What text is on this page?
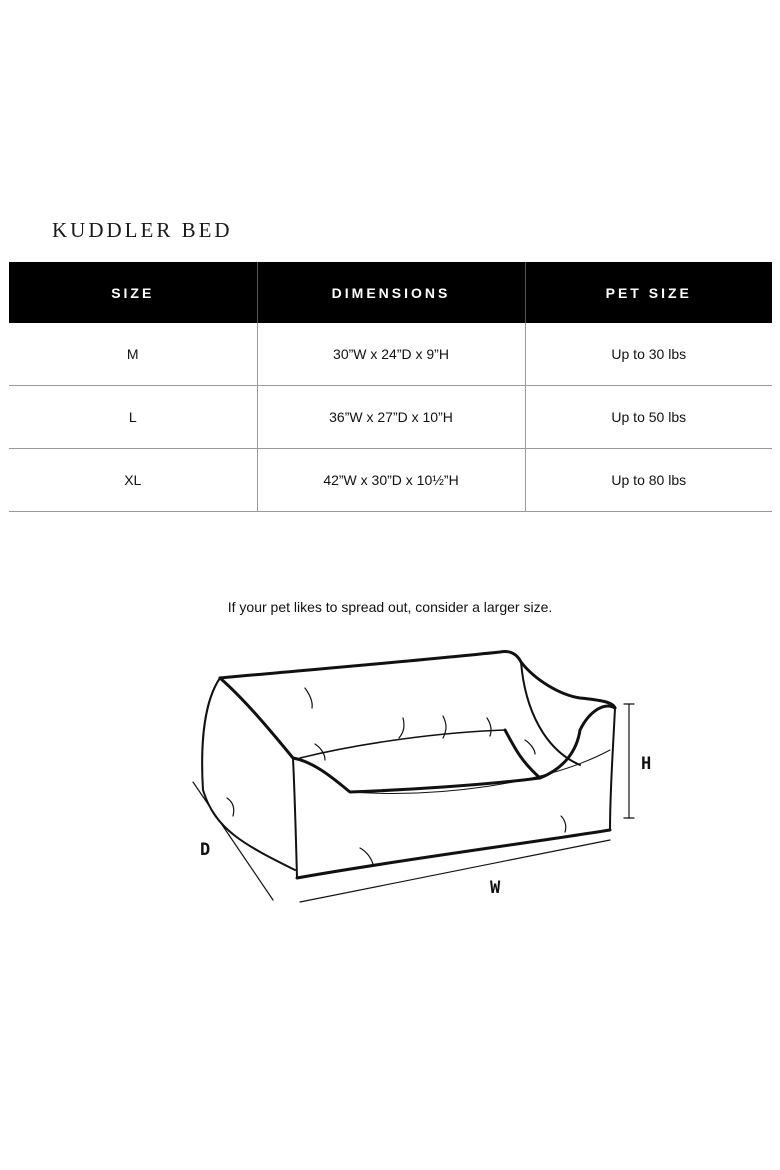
KUDDLER BED
SIZE	DIMENSIONS	PET SIZE
M	30”W x 24”D x 9”H	Up to 30 lbs
L	36”W x 27”D x 10”H	Up to 50 lbs
XL	42”W x 30”D x 10½”H	Up to 80 lbs
If your pet likes to spread out, consider a larger size.
H
D
W
